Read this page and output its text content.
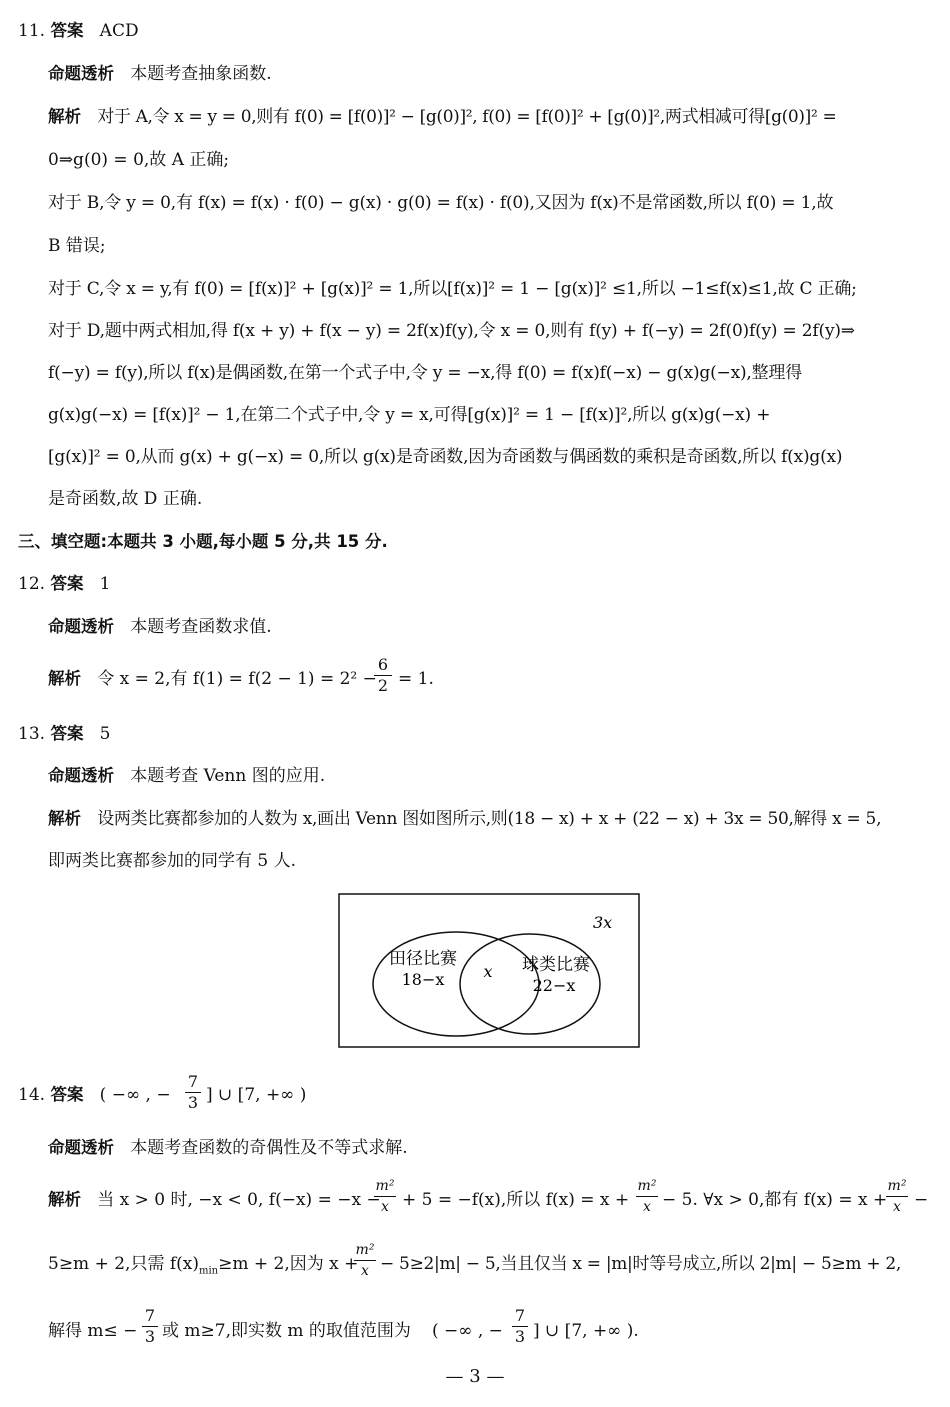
11. 答案 ACD
命题透析 本题考查抽象函数.
解析 对于 A,令 x = y = 0,则有 f(0) = [f(0)]² − [g(0)]², f(0) = [f(0)]² + [g(0)]²,两式相减可得[g(0)]² =
0⇒g(0) = 0,故 A 正确;
对于 B,令 y = 0,有 f(x) = f(x) · f(0) − g(x) · g(0) = f(x) · f(0),又因为 f(x)不是常函数,所以 f(0) = 1,故
B 错误;
对于 C,令 x = y,有 f(0) = [f(x)]² + [g(x)]² = 1,所以[f(x)]² = 1 − [g(x)]² ≤1,所以 −1≤f(x)≤1,故 C 正确;
对于 D,题中两式相加,得 f(x + y) + f(x − y) = 2f(x)f(y),令 x = 0,则有 f(y) + f(−y) = 2f(0)f(y) = 2f(y)⇒
f(−y) = f(y),所以 f(x)是偶函数,在第一个式子中,令 y = −x,得 f(0) = f(x)f(−x) − g(x)g(−x),整理得
g(x)g(−x) = [f(x)]² − 1,在第二个式子中,令 y = x,可得[g(x)]² = 1 − [f(x)]²,所以 g(x)g(−x) +
[g(x)]² = 0,从而 g(x) + g(−x) = 0,所以 g(x)是奇函数,因为奇函数与偶函数的乘积是奇函数,所以 f(x)g(x)
是奇函数,故 D 正确.
三、填空题:本题共 3 小题,每小题 5 分,共 15 分.
12. 答案 1
命题透析 本题考查函数求值.
解析 令 x = 2,有 f(1) = f(2 − 1) = 2² −
$\frac{6}{2} = 1$.
13. 答案 5
命题透析 本题考查 Venn 图的应用.
解析 设两类比赛都参加的人数为 x,画出 Venn 图如图所示,则(18 − x) + x + (22 − x) + 3x = 50,解得 x = 5,
即两类比赛都参加的同学有 5 人.
3x
田径比赛
18−x x 球类比赛
22−x
14. 答案 ( −∞ , − $\frac{7}{3}$ ] ∪ [7, +∞ )
命题透析 本题考查函数的奇偶性及不等式求解.
解析 当 x > 0 时, −x < 0, f(−x) = −x −
$\frac{\text{m²}}{x} + 5 = -f(x)$,所以 $f(x) = x + \frac{\text{m²}}{x} - 5$. ∀x > 0,都有 f(x) = x +
$\frac{\text{m²}}{x}$ −
5≥m + 2,只需 $f(x)_{min}\ge m + 2$,因为 x +
$\frac{\text{m²}}{x} - 5\ge 2|m| - 5$,当且仅当 x = |m|时等号成立,所以 2|m| − 5≥m + 2,
解得 $m\le - \frac{7}{3}$ 或 m≥7,即实数 m 的取值范围为 ( −∞ , − $\frac{7}{3}$ ] ∪ [7, +∞ ).
— 3 —
